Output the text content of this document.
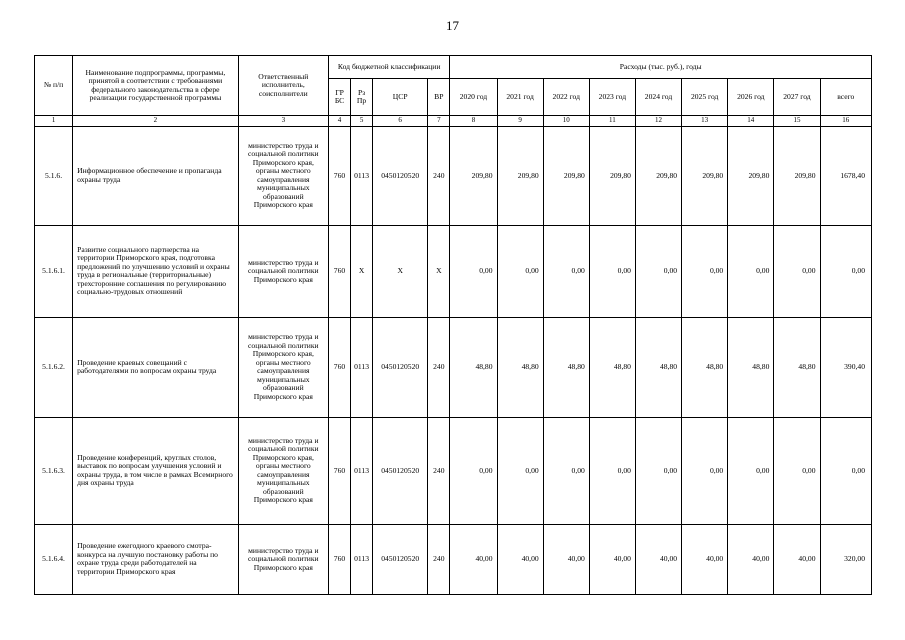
17
№ п/п	Наименование подпрограммы, программы, принятой в соответствии с требованиями федерального законодательства в сфере реализации государственной программы	Ответственный исполнитель, соисполнители	Код бюджетной классификации				Расходы (тыс. руб.), годы								
			ГР БС	Рз Пр	ЦСР	ВР	2020 год	2021 год	2022 год	2023 год	2024 год	2025 год	2026 год	2027 год	всего
1	2	3	4	5	6	7	8	9	10	11	12	13	14	15	16
5.1.6.	Информационное обеспечение и пропаганда охраны труда	министерство труда и социальной политики Приморского края, органы местного самоуправления муниципальных образований Приморского края	760	0113	0450120520	240	209,80	209,80	209,80	209,80	209,80	209,80	209,80	209,80	1678,40
5.1.6.1.	Развитие социального партнерства на территории Приморского края, подготовка предложений по улучшению условий и охраны труда в региональные (территориальные) трехсторонние соглашения по регулированию социально-трудовых отношений	министерство труда и социальной политики Приморского края	760	X	X	X	0,00	0,00	0,00	0,00	0,00	0,00	0,00	0,00	0,00
5.1.6.2.	Проведение краевых совещаний с работодателями по вопросам охраны труда	министерство труда и социальной политики Приморского края, органы местного самоуправления муниципальных образований Приморского края	760	0113	0450120520	240	48,80	48,80	48,80	48,80	48,80	48,80	48,80	48,80	390,40
5.1.6.3.	Проведение конференций, круглых столов, выставок по вопросам улучшения условий и охраны труда, в том числе в рамках Всемирного дня охраны труда	министерство труда и социальной политики Приморского края, органы местного самоуправления муниципальных образований Приморского края	760	0113	0450120520	240	0,00	0,00	0,00	0,00	0,00	0,00	0,00	0,00	0,00
5.1.6.4.	Проведение ежегодного краевого смотра-конкурса на лучшую постановку работы по охране труда среди работодателей на территории Приморского края	министерство труда и социальной политики Приморского края	760	0113	0450120520	240	40,00	40,00	40,00	40,00	40,00	40,00	40,00	40,00	320,00
